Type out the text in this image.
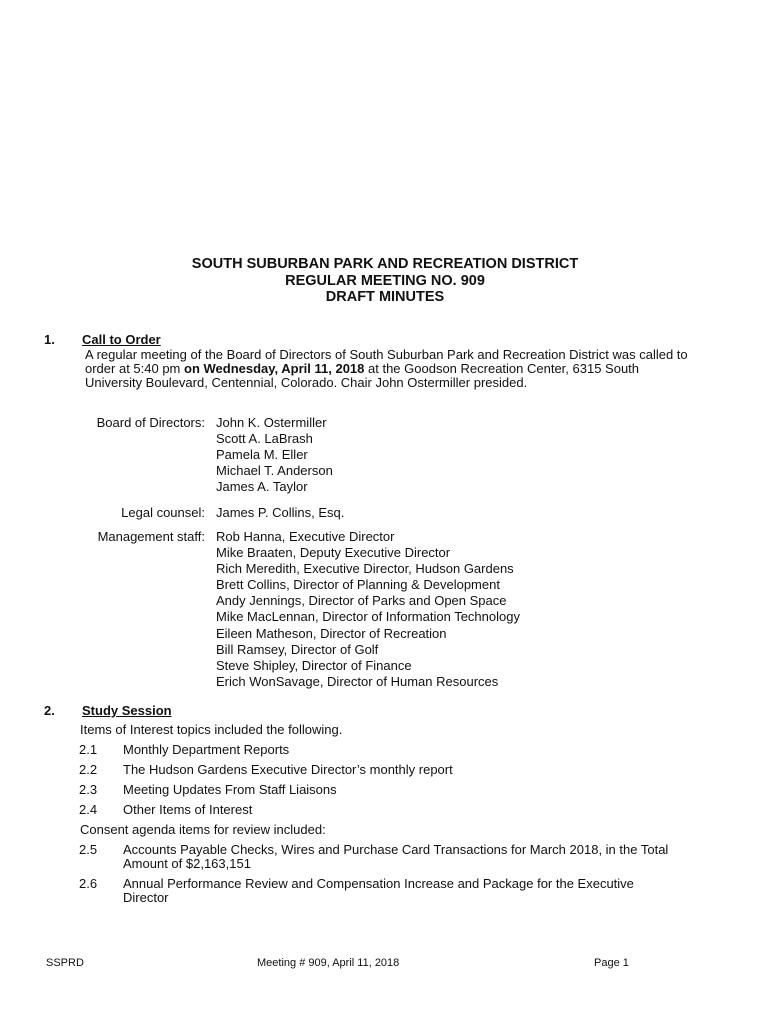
SOUTH SUBURBAN PARK AND RECREATION DISTRICT
REGULAR MEETING NO. 909
DRAFT MINUTES
1. Call to Order
A regular meeting of the Board of Directors of South Suburban Park and Recreation District was called to order at 5:40 pm on Wednesday, April 11, 2018 at the Goodson Recreation Center, 6315 South University Boulevard, Centennial, Colorado. Chair John Ostermiller presided.
Board of Directors: John K. Ostermiller
Scott A. LaBrash
Pamela M. Eller
Michael T. Anderson
James A. Taylor
Legal counsel: James P. Collins, Esq.
Management staff: Rob Hanna, Executive Director
Mike Braaten, Deputy Executive Director
Rich Meredith, Executive Director, Hudson Gardens
Brett Collins, Director of Planning & Development
Andy Jennings, Director of Parks and Open Space
Mike MacLennan, Director of Information Technology
Eileen Matheson, Director of Recreation
Bill Ramsey, Director of Golf
Steve Shipley, Director of Finance
Erich WonSavage, Director of Human Resources
2. Study Session
Items of Interest topics included the following.
2.1 Monthly Department Reports
2.2 The Hudson Gardens Executive Director’s monthly report
2.3 Meeting Updates From Staff Liaisons
2.4 Other Items of Interest
Consent agenda items for review included:
2.5 Accounts Payable Checks, Wires and Purchase Card Transactions for March 2018, in the Total Amount of $2,163,151
2.6 Annual Performance Review and Compensation Increase and Package for the Executive Director
SSPRD	Meeting # 909, April 11, 2018	Page 1
